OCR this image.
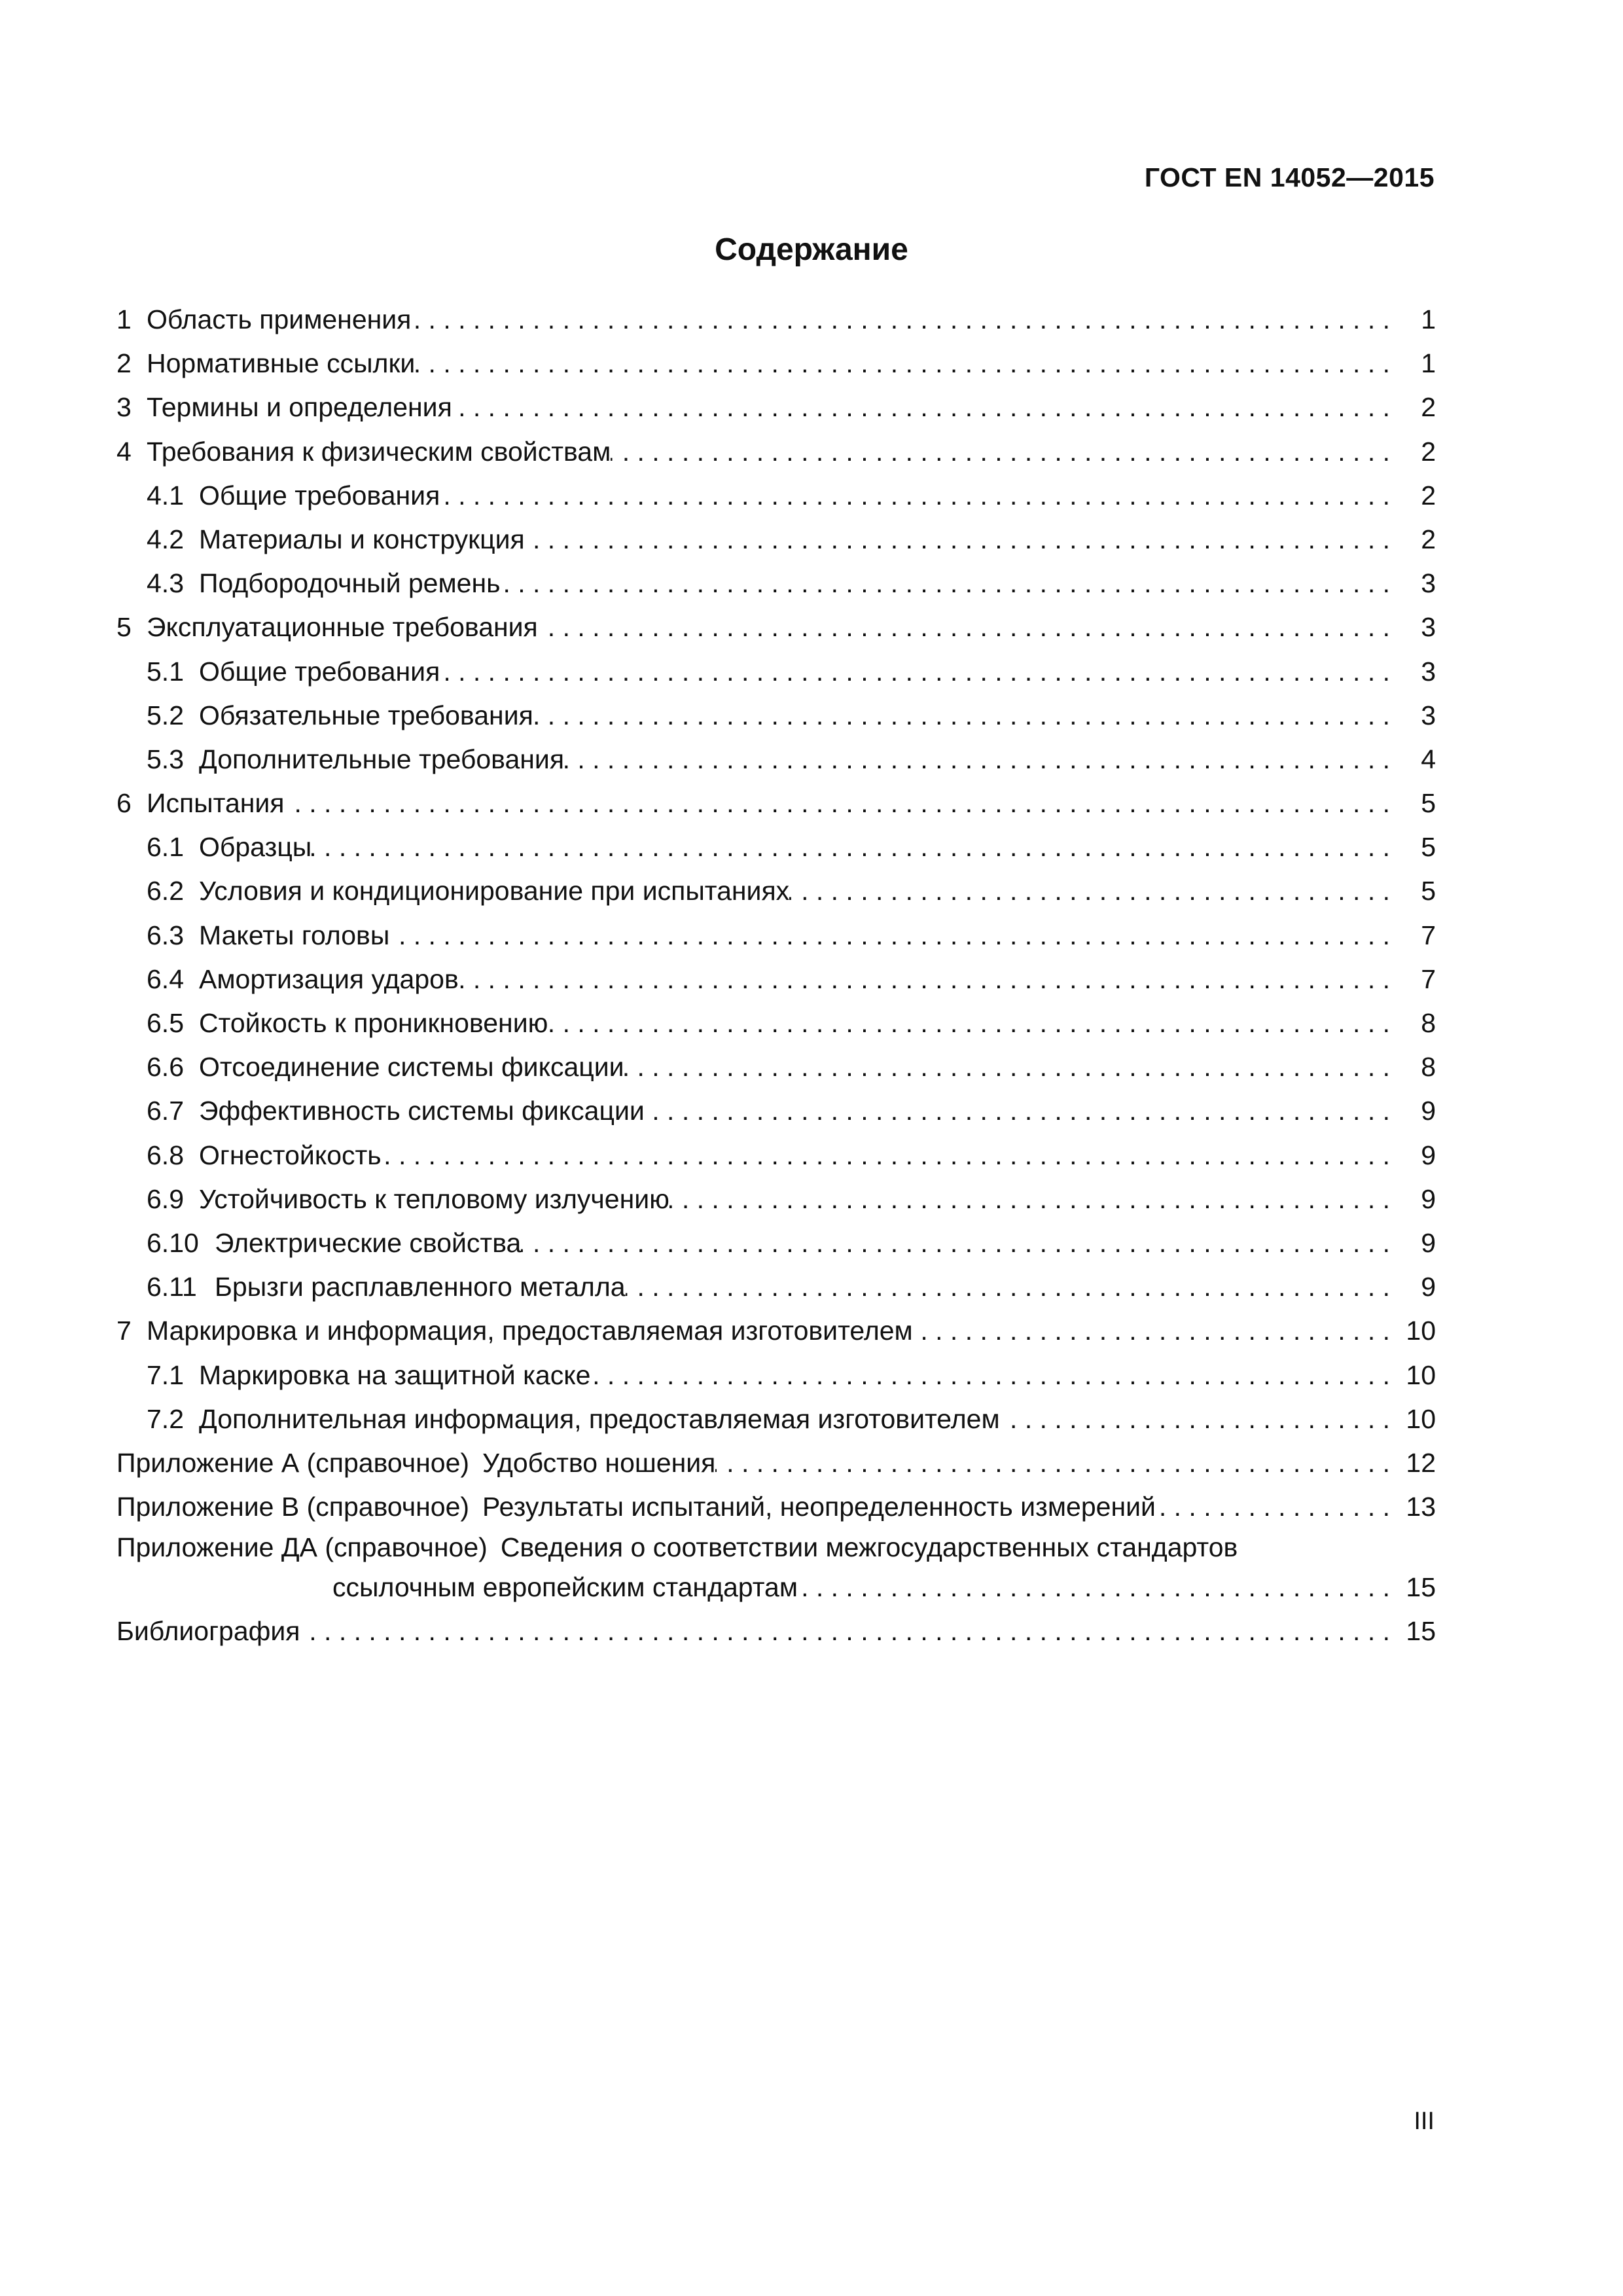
ГОСТ EN 14052—2015
Содержание
1 Область применения . . .	1
2 Нормативные ссылки . . .	1
3 Термины и определения . . .	2
4 Требования к физическим свойствам . . .	2
4.1 Общие требования . . .	2
4.2 Материалы и конструкция . . .	2
4.3 Подбородочный ремень . . .	3
5 Эксплуатационные требования . . .	3
5.1 Общие требования . . .	3
5.2 Обязательные требования . . .	3
5.3 Дополнительные требования . . .	4
6 Испытания . . .	5
6.1 Образцы . . .	5
6.2 Условия и кондиционирование при испытаниях . . .	5
6.3 Макеты головы . . .	7
6.4 Амортизация ударов . . .	7
6.5 Стойкость к проникновению . . .	8
6.6 Отсоединение системы фиксации . . .	8
6.7 Эффективность системы фиксации . . .	9
6.8 Огнестойкость . . .	9
6.9 Устойчивость к тепловому излучению . . .	9
6.10 Электрические свойства . . .	9
6.11 Брызги расплавленного металла . . .	9
7 Маркировка и информация, предоставляемая изготовителем . . .	10
7.1 Маркировка на защитной каске . . .	10
7.2 Дополнительная информация, предоставляемая изготовителем . . .	10
Приложение А (справочное) Удобство ношения . . .	12
Приложение В (справочное) Результаты испытаний, неопределенность измерений . . .	13
Приложение ДА (справочное) Сведения о соответствии межгосударственных стандартов
ссылочным европейским стандартам . . .	15
Библиография . . .	15
III
